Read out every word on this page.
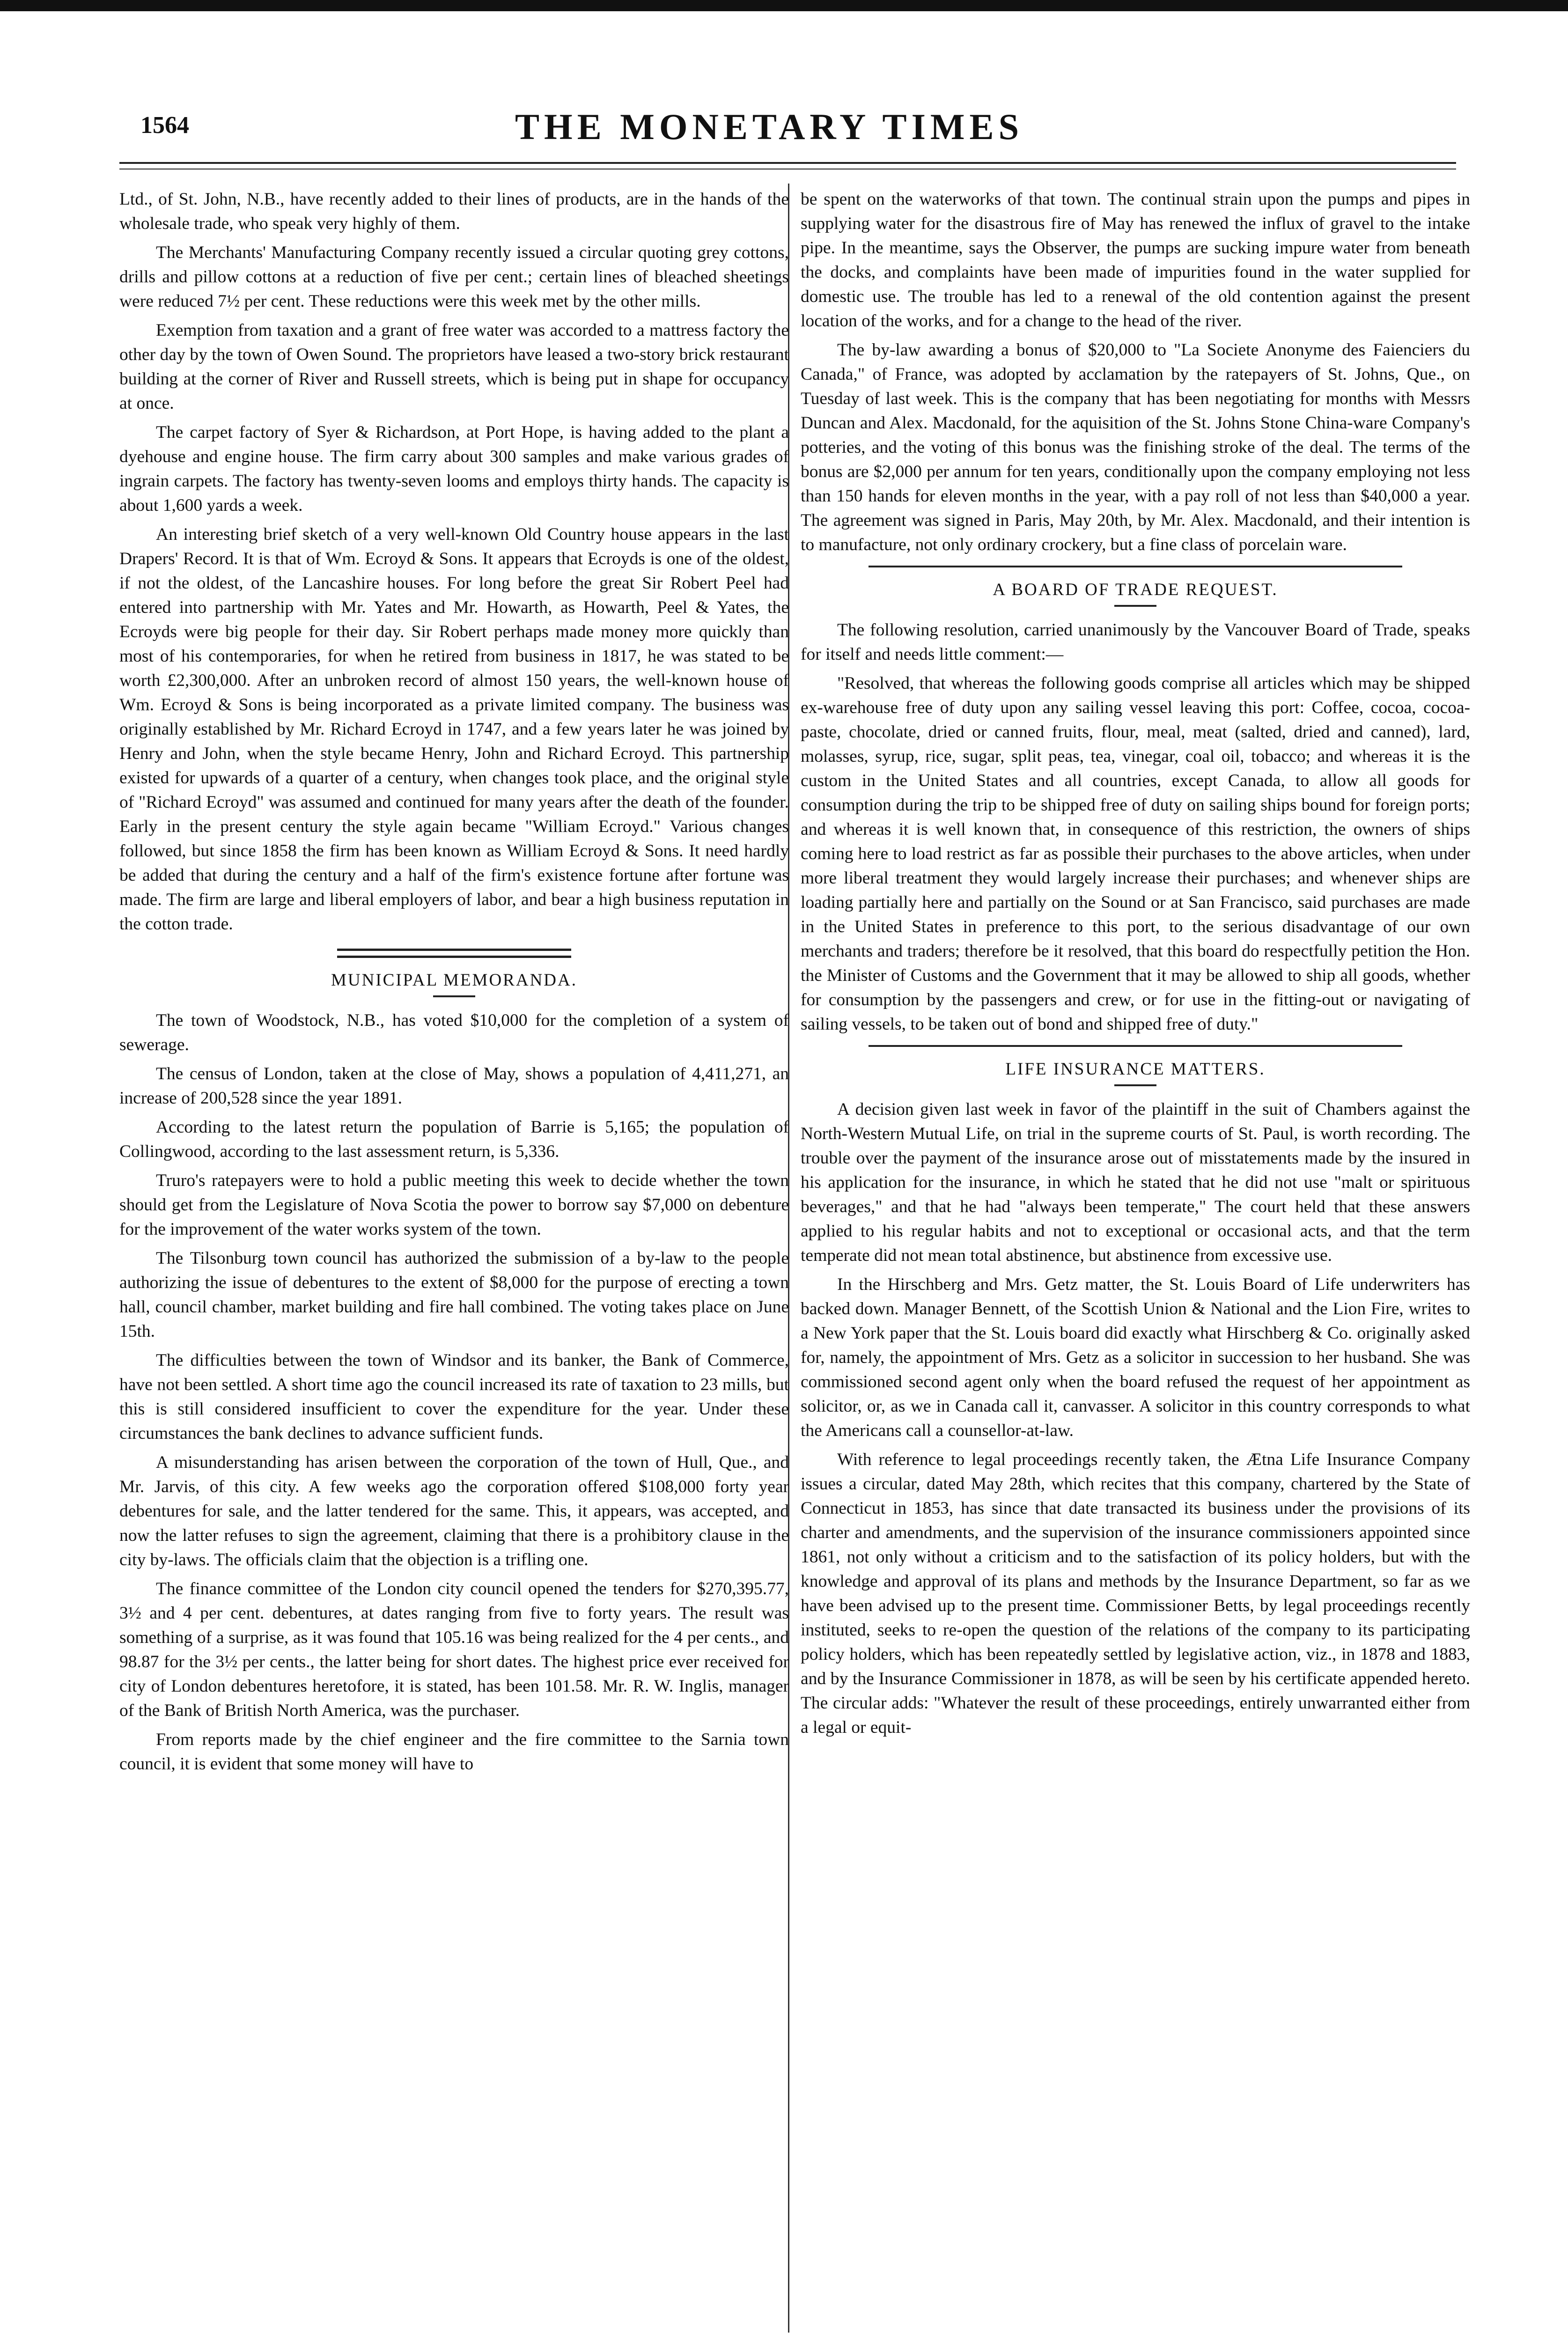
1564	THE MONETARY TIMES

Ltd., of St. John, N.B., have recently added to their lines of products, are in the hands of the wholesale trade, who speak very highly of them.

The Merchants' Manufacturing Company recently issued a circular quoting grey cottons, drills and pillow cottons at a reduction of five per cent.; certain lines of bleached sheetings were reduced 7½ per cent. These reductions were this week met by the other mills.

Exemption from taxation and a grant of free water was accorded to a mattress factory the other day by the town of Owen Sound. The proprietors have leased a two-story brick restaurant building at the corner of River and Russell streets, which is being put in shape for occupancy at once.

The carpet factory of Syer & Richardson, at Port Hope, is having added to the plant a dyehouse and engine house. The firm carry about 300 samples and make various grades of ingrain carpets. The factory has twenty-seven looms and employs thirty hands. The capacity is about 1,600 yards a week.

An interesting brief sketch of a very well-known Old Country house appears in the last Drapers' Record. It is that of Wm. Ecroyd & Sons. It appears that Ecroyds is one of the oldest, if not the oldest, of the Lancashire houses. For long before the great Sir Robert Peel had entered into partnership with Mr. Yates and Mr. Howarth, as Howarth, Peel & Yates, the Ecroyds were big people for their day. Sir Robert perhaps made money more quickly than most of his contemporaries, for when he retired from business in 1817, he was stated to be worth £2,300,000. After an unbroken record of almost 150 years, the well-known house of Wm. Ecroyd & Sons is being incorporated as a private limited company. The business was originally established by Mr. Richard Ecroyd in 1747, and a few years later he was joined by Henry and John, when the style became Henry, John and Richard Ecroyd. This partnership existed for upwards of a quarter of a century, when changes took place, and the original style of "Richard Ecroyd" was assumed and continued for many years after the death of the founder. Early in the present century the style again became "William Ecroyd." Various changes followed, but since 1858 the firm has been known as William Ecroyd & Sons. It need hardly be added that during the century and a half of the firm's existence fortune after fortune was made. The firm are large and liberal employers of labor, and bear a high business reputation in the cotton trade.

MUNICIPAL MEMORANDA.

The town of Woodstock, N.B., has voted $10,000 for the completion of a system of sewerage.

The census of London, taken at the close of May, shows a population of 4,411,271, an increase of 200,528 since the year 1891.

According to the latest return the population of Barrie is 5,165; the population of Collingwood, according to the last assessment return, is 5,336.

Truro's ratepayers were to hold a public meeting this week to decide whether the town should get from the Legislature of Nova Scotia the power to borrow say $7,000 on debenture for the improvement of the water works system of the town.

The Tilsonburg town council has authorized the submission of a by-law to the people authorizing the issue of debentures to the extent of $8,000 for the purpose of erecting a town hall, council chamber, market building and fire hall combined. The voting takes place on June 15th.

The difficulties between the town of Windsor and its banker, the Bank of Commerce, have not been settled. A short time ago the council increased its rate of taxation to 23 mills, but this is still considered insufficient to cover the expenditure for the year. Under these circumstances the bank declines to advance sufficient funds.

A misunderstanding has arisen between the corporation of the town of Hull, Que., and Mr. Jarvis, of this city. A few weeks ago the corporation offered $108,000 forty year debentures for sale, and the latter tendered for the same. This, it appears, was accepted, and now the latter refuses to sign the agreement, claiming that there is a prohibitory clause in the city by-laws. The officials claim that the objection is a trifling one.

The finance committee of the London city council opened the tenders for $270,395.77, 3½ and 4 per cent. debentures, at dates ranging from five to forty years. The result was something of a surprise, as it was found that 105.16 was being realized for the 4 per cents., and 98.87 for the 3½ per cents., the latter being for short dates. The highest price ever received for city of London debentures heretofore, it is stated, has been 101.58. Mr. R. W. Inglis, manager of the Bank of British North America, was the purchaser.

From reports made by the chief engineer and the fire committee to the Sarnia town council, it is evident that some money will have to

be spent on the waterworks of that town. The continual strain upon the pumps and pipes in supplying water for the disastrous fire of May has renewed the influx of gravel to the intake pipe. In the meantime, says the Observer, the pumps are sucking impure water from beneath the docks, and complaints have been made of impurities found in the water supplied for domestic use. The trouble has led to a renewal of the old contention against the present location of the works, and for a change to the head of the river.

The by-law awarding a bonus of $20,000 to "La Societe Anonyme des Faienciers du Canada," of France, was adopted by acclamation by the ratepayers of St. Johns, Que., on Tuesday of last week. This is the company that has been negotiating for months with Messrs Duncan and Alex. Macdonald, for the aquisition of the St. Johns Stone China-ware Company's potteries, and the voting of this bonus was the finishing stroke of the deal. The terms of the bonus are $2,000 per annum for ten years, conditionally upon the company employing not less than 150 hands for eleven months in the year, with a pay roll of not less than $40,000 a year. The agreement was signed in Paris, May 20th, by Mr. Alex. Macdonald, and their intention is to manufacture, not only ordinary crockery, but a fine class of porcelain ware.

A BOARD OF TRADE REQUEST.

The following resolution, carried unanimously by the Vancouver Board of Trade, speaks for itself and needs little comment:—

"Resolved, that whereas the following goods comprise all articles which may be shipped ex-warehouse free of duty upon any sailing vessel leaving this port: Coffee, cocoa, cocoa-paste, chocolate, dried or canned fruits, flour, meal, meat (salted, dried and canned), lard, molasses, syrup, rice, sugar, split peas, tea, vinegar, coal oil, tobacco; and whereas it is the custom in the United States and all countries, except Canada, to allow all goods for consumption during the trip to be shipped free of duty on sailing ships bound for foreign ports; and whereas it is well known that, in consequence of this restriction, the owners of ships coming here to load restrict as far as possible their purchases to the above articles, when under more liberal treatment they would largely increase their purchases; and whenever ships are loading partially here and partially on the Sound or at San Francisco, said purchases are made in the United States in preference to this port, to the serious disadvantage of our own merchants and traders; therefore be it resolved, that this board do respectfully petition the Hon. the Minister of Customs and the Government that it may be allowed to ship all goods, whether for consumption by the passengers and crew, or for use in the fitting-out or navigating of sailing vessels, to be taken out of bond and shipped free of duty."

LIFE INSURANCE MATTERS.

A decision given last week in favor of the plaintiff in the suit of Chambers against the North-Western Mutual Life, on trial in the supreme courts of St. Paul, is worth recording. The trouble over the payment of the insurance arose out of misstatements made by the insured in his application for the insurance, in which he stated that he did not use "malt or spirituous beverages," and that he had "always been temperate," The court held that these answers applied to his regular habits and not to exceptional or occasional acts, and that the term temperate did not mean total abstinence, but abstinence from excessive use.

In the Hirschberg and Mrs. Getz matter, the St. Louis Board of Life underwriters has backed down. Manager Bennett, of the Scottish Union & National and the Lion Fire, writes to a New York paper that the St. Louis board did exactly what Hirschberg & Co. originally asked for, namely, the appointment of Mrs. Getz as a solicitor in succession to her husband. She was commissioned second agent only when the board refused the request of her appointment as solicitor, or, as we in Canada call it, canvasser. A solicitor in this country corresponds to what the Americans call a counsellor-at-law.

With reference to legal proceedings recently taken, the Ætna Life Insurance Company issues a circular, dated May 28th, which recites that this company, chartered by the State of Connecticut in 1853, has since that date transacted its business under the provisions of its charter and amendments, and the supervision of the insurance commissioners appointed since 1861, not only without a criticism and to the satisfaction of its policy holders, but with the knowledge and approval of its plans and methods by the Insurance Department, so far as we have been advised up to the present time. Commissioner Betts, by legal proceedings recently instituted, seeks to re-open the question of the relations of the company to its participating policy holders, which has been repeatedly settled by legislative action, viz., in 1878 and 1883, and by the Insurance Commissioner in 1878, as will be seen by his certificate appended hereto. The circular adds: "Whatever the result of these proceedings, entirely unwarranted either from a legal or equit-
